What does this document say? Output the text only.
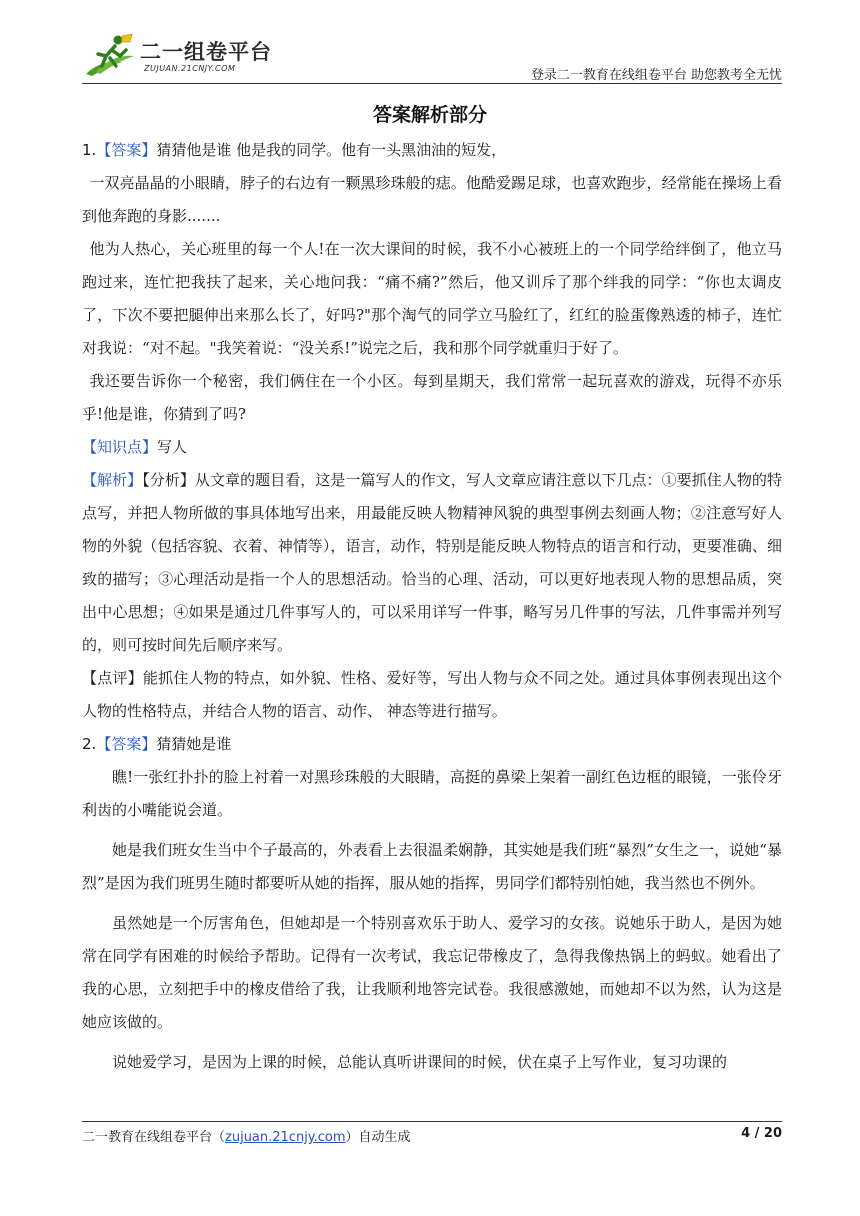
二一组卷平台
ZUJUAN.21CNJY.COM	登录二一教育在线组卷平台 助您教考全无忧
答案解析部分

1.【答案】猜猜他是谁 他是我的同学。他有一头黑油油的短发，

一双亮晶晶的小眼睛，脖子的右边有一颗黑珍珠般的痣。他酷爱踢足球，也喜欢跑步，经常能在操场上看到他奔跑的身影.......

他为人热心，关心班里的每一个人!在一次大课间的时候，我不小心被班上的一个同学给绊倒了，他立马跑过来，连忙把我扶了起来，关心地问我：“痛不痛?”然后，他又训斥了那个绊我的同学：“你也太调皮了，下次不要把腿伸出来那么长了，好吗?"那个淘气的同学立马脸红了，红红的脸蛋像熟透的柿子，连忙对我说：“对不起。"我笑着说：“没关系!”说完之后，我和那个同学就重归于好了。

我还要告诉你一个秘密，我们俩住在一个小区。每到星期天，我们常常一起玩喜欢的游戏，玩得不亦乐乎!他是谁，你猜到了吗?

【知识点】写人

【解析】【分析】从文章的题目看，这是一篇写人的作文，写人文章应请注意以下几点：①要抓住人物的特点写，并把人物所做的事具体地写出来，用最能反映人物精神风貌的典型事例去刻画人物；②注意写好人物的外貌（包括容貌、衣着、神情等），语言，动作，特别是能反映人物特点的语言和行动，更要准确、细致的描写；③心理活动是指一个人的思想活动。恰当的心理、活动，可以更好地表现人物的思想品质，突出中心思想；④如果是通过几件事写人的，可以采用详写一件事，略写另几件事的写法，几件事需并列写的，则可按时间先后顺序来写。

【点评】能抓住人物的特点，如外貌、性格、爱好等，写出人物与众不同之处。通过具体事例表现出这个人物的性格特点，并结合人物的语言、动作、 神态等进行描写。

2.【答案】猜猜她是谁

瞧!一张红扑扑的脸上衬着一对黑珍珠般的大眼睛，高挺的鼻梁上架着一副红色边框的眼镜，一张伶牙利齿的小嘴能说会道。

她是我们班女生当中个子最高的，外表看上去很温柔娴静，其实她是我们班“暴烈”女生之一，说她“暴烈”是因为我们班男生随时都要听从她的指挥，服从她的指挥，男同学们都特别怕她，我当然也不例外。

虽然她是一个厉害角色，但她却是一个特别喜欢乐于助人、爱学习的女孩。说她乐于助人，是因为她常在同学有困难的时候给予帮助。记得有一次考试，我忘记带橡皮了，急得我像热锅上的蚂蚁。她看出了我的心思，立刻把手中的橡皮借给了我，让我顺利地答完试卷。我很感激她，而她却不以为然，认为这是她应该做的。

说她爱学习，是因为上课的时候，总能认真听讲课间的时候，伏在桌子上写作业，复习功课的

二一教育在线组卷平台（zujuan.21cnjy.com）自动生成	4 / 20
